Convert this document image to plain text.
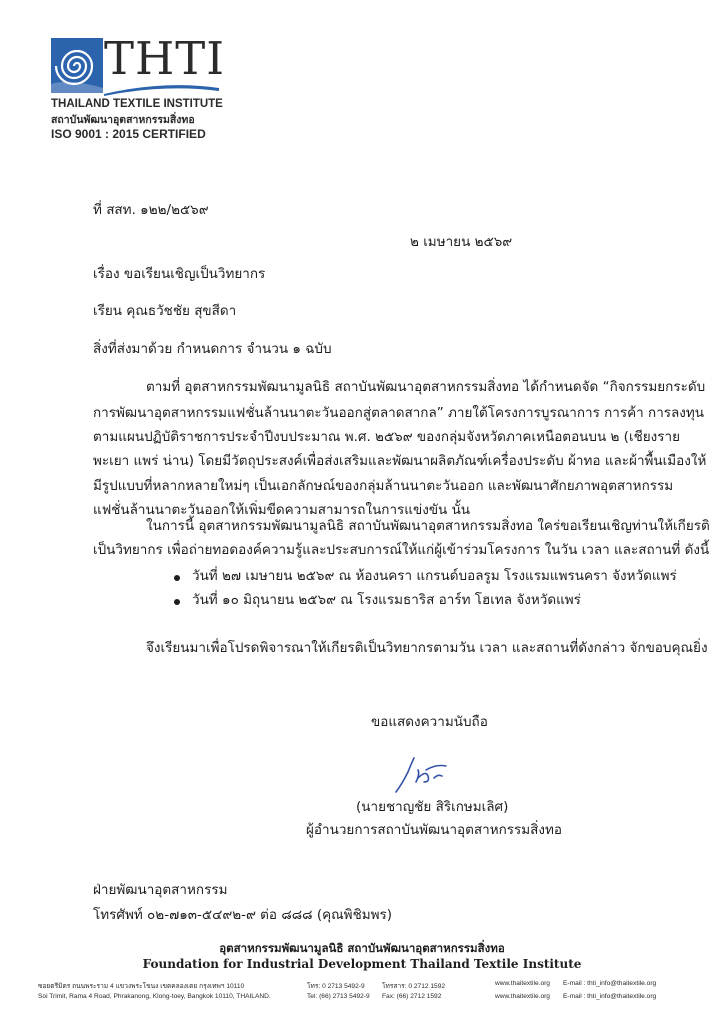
THTI
THAILAND TEXTILE INSTITUTE
สถาบันพัฒนาอุตสาหกรรมสิ่งทอ
ISO 9001 : 2015 CERTIFIED
ที่ สสท. ๑๒๒/๒๕๖๙
๒ เมษายน ๒๕๖๙
เรื่อง ขอเรียนเชิญเป็นวิทยากร
เรียน คุณธวัชชัย สุขสีดา
สิ่งที่ส่งมาด้วย กำหนดการ จำนวน ๑ ฉบับ
ตามที่ อุตสาหกรรมพัฒนามูลนิธิ สถาบันพัฒนาอุตสาหกรรมสิ่งทอ ได้กำหนดจัด “กิจกรรมยกระดับ
การพัฒนาอุตสาหกรรมแฟชั่นล้านนาตะวันออกสู่ตลาดสากล” ภายใต้โครงการบูรณาการ การค้า การลงทุน
ตามแผนปฏิบัติราชการประจำปีงบประมาณ พ.ศ. ๒๕๖๙ ของกลุ่มจังหวัดภาคเหนือตอนบน ๒ (เชียงราย
พะเยา แพร่ น่าน) โดยมีวัตถุประสงค์เพื่อส่งเสริมและพัฒนาผลิตภัณฑ์เครื่องประดับ ผ้าทอ และผ้าพื้นเมืองให้
มีรูปแบบที่หลากหลายใหม่ๆ เป็นเอกลักษณ์ของกลุ่มล้านนาตะวันออก และพัฒนาศักยภาพอุตสาหกรรม
แฟชั่นล้านนาตะวันออกให้เพิ่มขีดความสามารถในการแข่งขัน นั้น
ในการนี้ อุตสาหกรรมพัฒนามูลนิธิ สถาบันพัฒนาอุตสาหกรรมสิ่งทอ ใคร่ขอเรียนเชิญท่านให้เกียรติ
เป็นวิทยากร เพื่อถ่ายทอดองค์ความรู้และประสบการณ์ให้แก่ผู้เข้าร่วมโครงการ ในวัน เวลา และสถานที่ ดังนี้
วันที่ ๒๗ เมษายน ๒๕๖๙ ณ ห้องนครา แกรนด์บอลรูม โรงแรมแพรนครา จังหวัดแพร่
วันที่ ๑๐ มิถุนายน ๒๕๖๙ ณ โรงแรมธาริส อาร์ท โฮเทล จังหวัดแพร่
จึงเรียนมาเพื่อโปรดพิจารณาให้เกียรติเป็นวิทยากรตามวัน เวลา และสถานที่ดังกล่าว จักขอบคุณยิ่ง
ขอแสดงความนับถือ
(นายชาญชัย สิริเกษมเลิศ)
ผู้อำนวยการสถาบันพัฒนาอุตสาหกรรมสิ่งทอ
ฝ่ายพัฒนาอุตสาหกรรม
โทรศัพท์ ๐๒-๗๑๓-๕๔๙๒-๙ ต่อ ๘๘๘ (คุณพิชิมพร)
อุตสาหกรรมพัฒนามูลนิธิ สถาบันพัฒนาอุตสาหกรรมสิ่งทอ
Foundation for Industrial Development Thailand Textile Institute
ซอยตรีมิตร ถนนพระราม 4 แขวงพระโขนง เขตคลองเตย กรุงเทพฯ 10110	โทร: 0 2713 5492-9	โทรสาร: 0 2712 1592	www.thaitextile.org E-mail : thti_info@thaitextile.org
Soi Trimit, Rama 4 Road, Phrakanong, Klong-toey, Bangkok 10110, THAILAND.	Tel: (66) 2713 5492-9 Fax: (66) 2712 1592	www.thaitextile.org E-mail : thti_info@thaitextile.org
